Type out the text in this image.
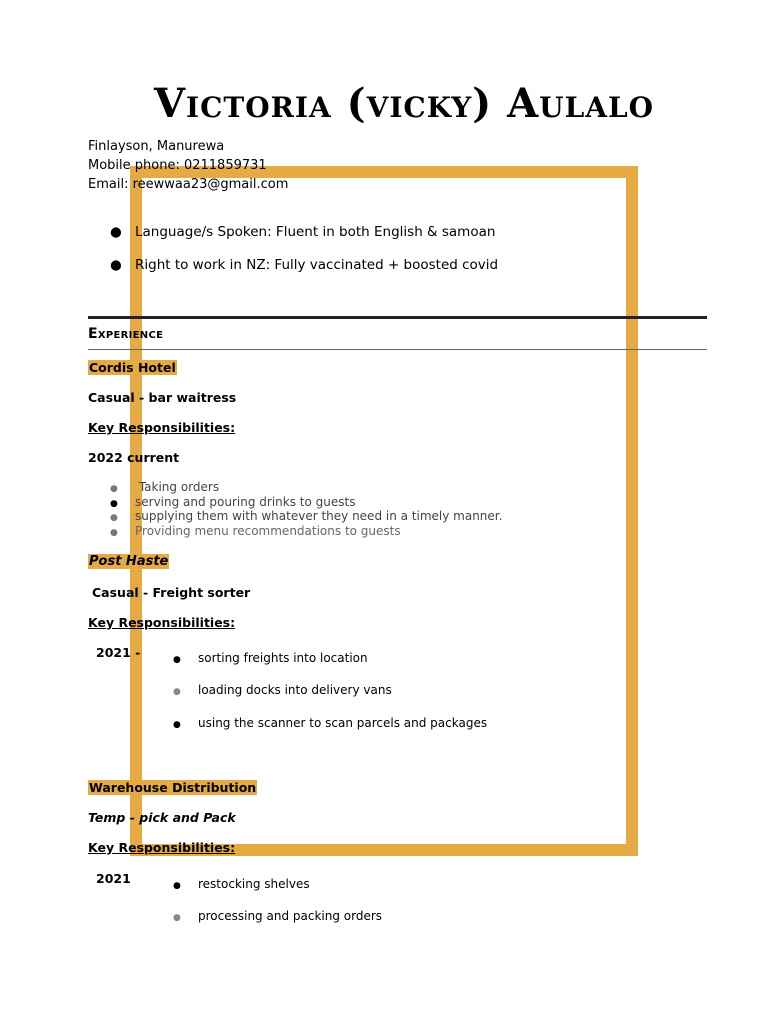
Victoria (vicky) Aulalo
Finlayson, Manurewa
Mobile phone: 0211859731
Email: reewwaa23@gmail.com
● Language/s Spoken: Fluent in both English & samoan
● Right to work in NZ: Fully vaccinated + boosted covid
Experience
Cordis Hotel
Casual - bar waitress
Key Responsibilities:
2022 current
● Taking orders
● serving and pouring drinks to guests
● supplying them with whatever they need in a timely manner.
● Providing menu recommendations to guests
Post Haste
Casual - Freight sorter
Key Responsibilities:
2021 -	● sorting freights into location
● loading docks into delivery vans
● using the scanner to scan parcels and packages
Warehouse Distribution
Temp - pick and Pack
Key Responsibilities:
2021	● restocking shelves
● processing and packing orders
